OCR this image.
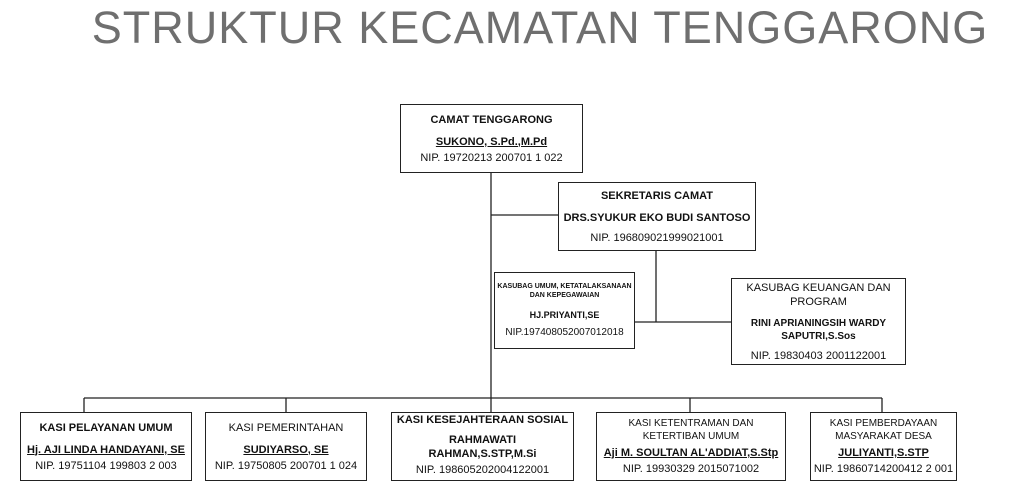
STRUKTUR KECAMATAN TENGGARONG
CAMAT TENGGARONG
SUKONO, S.Pd.,M.Pd
NIP. 19720213 200701 1 022
SEKRETARIS CAMAT
DRS.SYUKUR EKO BUDI SANTOSO
NIP. 196809021999021001
KASUBAG UMUM, KETATALAKSANAAN DAN KEPEGAWAIAN
HJ.PRIYANTI,SE
NIP.197408052007012018
KASUBAG KEUANGAN DAN PROGRAM
RINI APRIANINGSIH WARDY SAPUTRI,S.Sos
NIP. 19830403 2001122001
KASI PELAYANAN UMUM
Hj. AJI LINDA HANDAYANI, SE
NIP. 19751104 199803 2 003
KASI PEMERINTAHAN
SUDIYARSO, SE
NIP. 19750805 200701 1 024
KASI KESEJAHTERAAN SOSIAL
RAHMAWATI RAHMAN,S.STP,M.Si
NIP. 198605202004122001
KASI KETENTRAMAN DAN KETERTIBAN UMUM
Aji M. SOULTAN AL'ADDIAT,S.Stp
NIP. 19930329 2015071002
KASI PEMBERDAYAAN MASYARAKAT DESA
JULIYANTI,S.STP
NIP. 19860714200412 2 001
